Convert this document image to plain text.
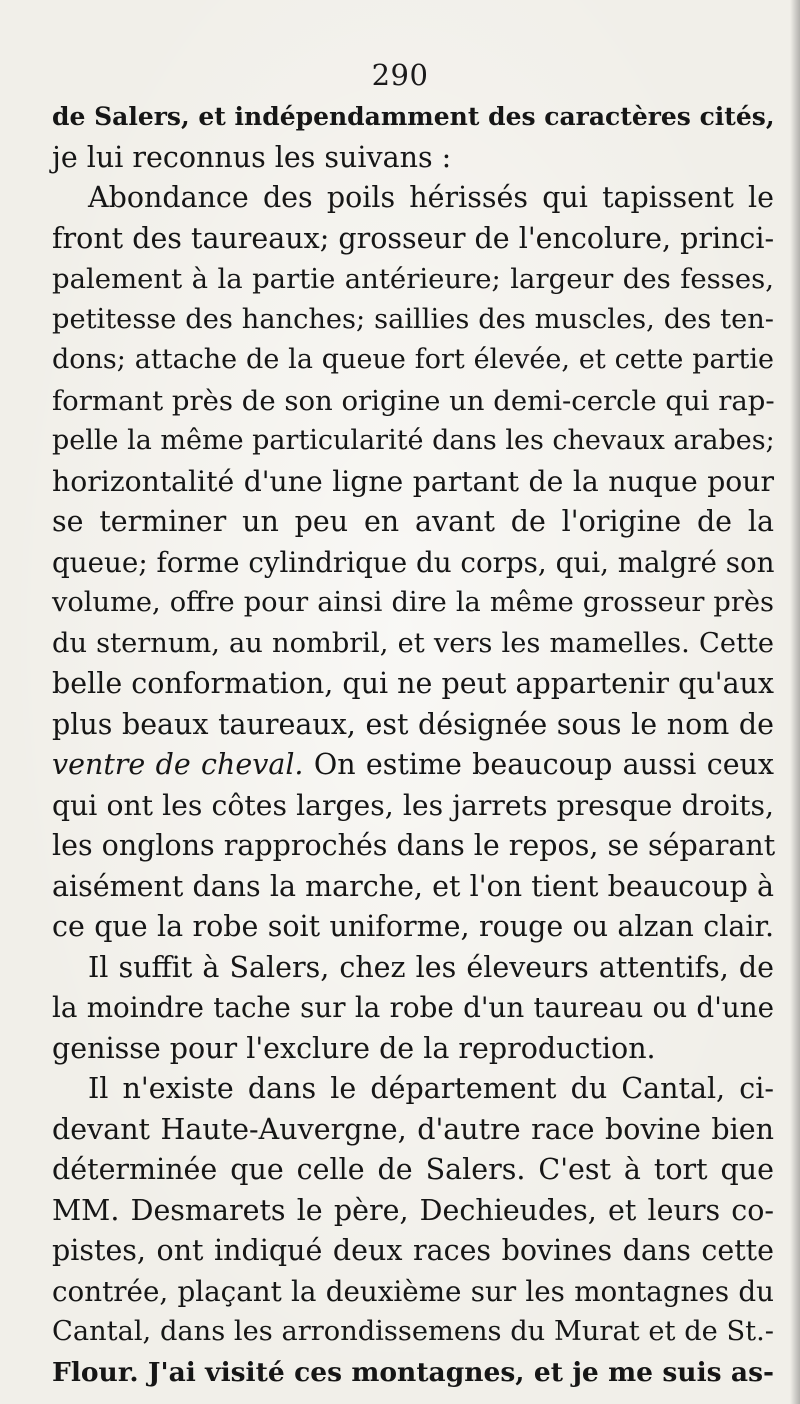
290
de Salers, et indépendamment des caractères cités,
je lui reconnus les suivans :
Abondance des poils hérissés qui tapissent le
front des taureaux; grosseur de l'encolure, princi-
palement à la partie antérieure; largeur des fesses,
petitesse des hanches; saillies des muscles, des ten-
dons; attache de la queue fort élevée, et cette partie
formant près de son origine un demi-cercle qui rap-
pelle la même particularité dans les chevaux arabes;
horizontalité d'une ligne partant de la nuque pour
se terminer un peu en avant de l'origine de la
queue; forme cylindrique du corps, qui, malgré son
volume, offre pour ainsi dire la même grosseur près
du sternum, au nombril, et vers les mamelles. Cette
belle conformation, qui ne peut appartenir qu'aux
plus beaux taureaux, est désignée sous le nom de
ventre de cheval. On estime beaucoup aussi ceux
qui ont les côtes larges, les jarrets presque droits,
les onglons rapprochés dans le repos, se séparant
aisément dans la marche, et l'on tient beaucoup à
ce que la robe soit uniforme, rouge ou alzan clair.
Il suffit à Salers, chez les éleveurs attentifs, de
la moindre tache sur la robe d'un taureau ou d'une
genisse pour l'exclure de la reproduction.
Il n'existe dans le département du Cantal, ci-
devant Haute-Auvergne, d'autre race bovine bien
déterminée que celle de Salers. C'est à tort que
MM. Desmarets le père, Dechieudes, et leurs co-
pistes, ont indiqué deux races bovines dans cette
contrée, plaçant la deuxième sur les montagnes du
Cantal, dans les arrondissemens du Murat et de St.-
Flour. J'ai visité ces montagnes, et je me suis as-
